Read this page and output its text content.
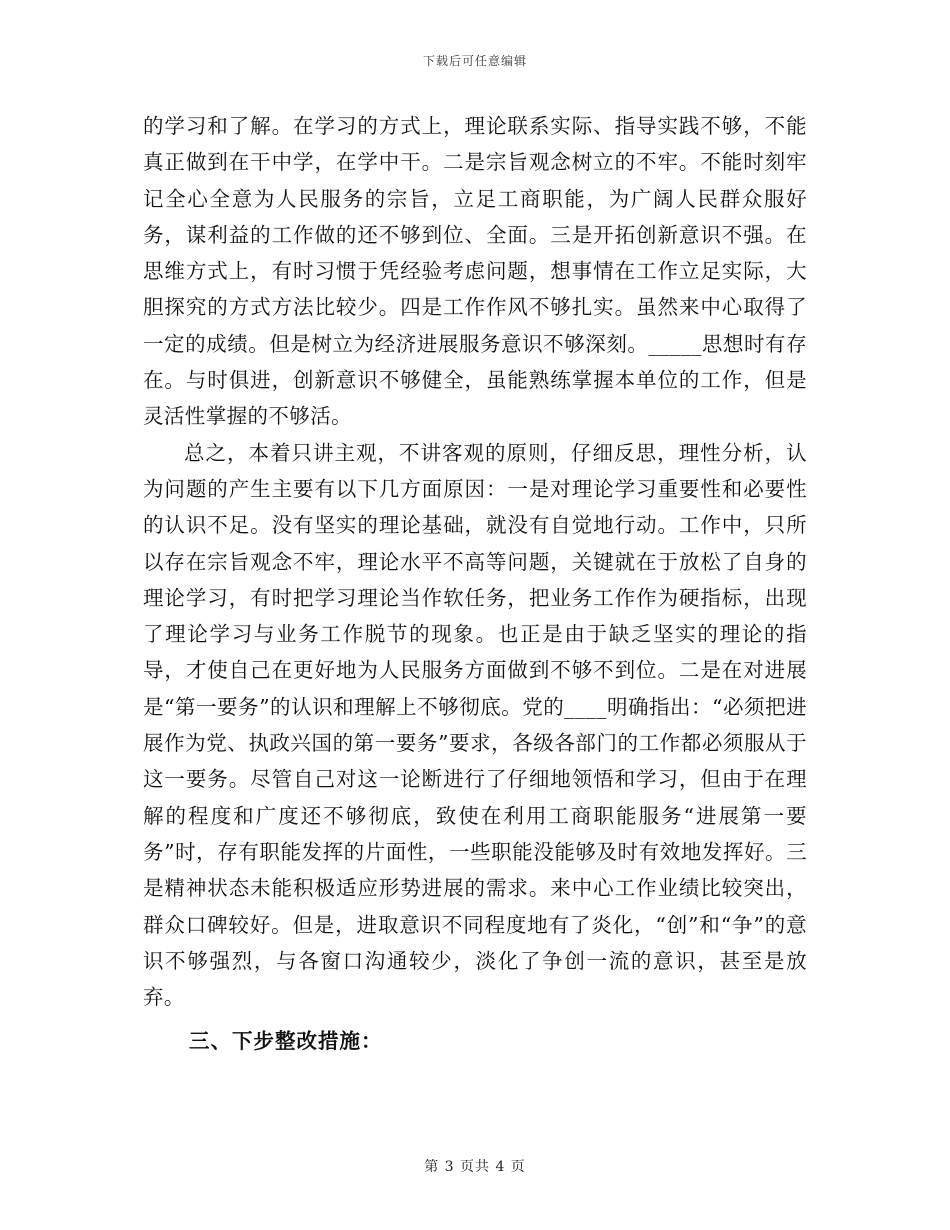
下载后可任意编辑

的学习和了解。在学习的方式上，理论联系实际、指导实践不够，不能真正做到在干中学，在学中干。二是宗旨观念树立的不牢。不能时刻牢记全心全意为人民服务的宗旨，立足工商职能，为广阔人民群众服好务，谋利益的工作做的还不够到位、全面。三是开拓创新意识不强。在思维方式上，有时习惯于凭经验考虑问题，想事情在工作立足实际，大胆探究的方式方法比较少。四是工作作风不够扎实。虽然来中心取得了一定的成绩。但是树立为经济进展服务意识不够深刻。_____思想时有存在。与时俱进，创新意识不够健全，虽能熟练掌握本单位的工作，但是灵活性掌握的不够活。

总之，本着只讲主观，不讲客观的原则，仔细反思，理性分析，认为问题的产生主要有以下几方面原因：一是对理论学习重要性和必要性的认识不足。没有坚实的理论基础，就没有自觉地行动。工作中，只所以存在宗旨观念不牢，理论水平不高等问题，关键就在于放松了自身的理论学习，有时把学习理论当作软任务，把业务工作作为硬指标，出现了理论学习与业务工作脱节的现象。也正是由于缺乏坚实的理论的指导，才使自己在更好地为人民服务方面做到不够不到位。二是在对进展是“第一要务”的认识和理解上不够彻底。党的____明确指出：“必须把进展作为党、执政兴国的第一要务”要求，各级各部门的工作都必须服从于这一要务。尽管自己对这一论断进行了仔细地领悟和学习，但由于在理解的程度和广度还不够彻底，致使在利用工商职能服务“进展第一要务”时，存有职能发挥的片面性，一些职能没能够及时有效地发挥好。三是精神状态未能积极适应形势进展的需求。来中心工作业绩比较突出，群众口碑较好。但是，进取意识不同程度地有了炎化，“创”和“争”的意识不够强烈，与各窗口沟通较少，淡化了争创一流的意识，甚至是放弃。

三、下步整改措施：

第 3 页共 4 页
